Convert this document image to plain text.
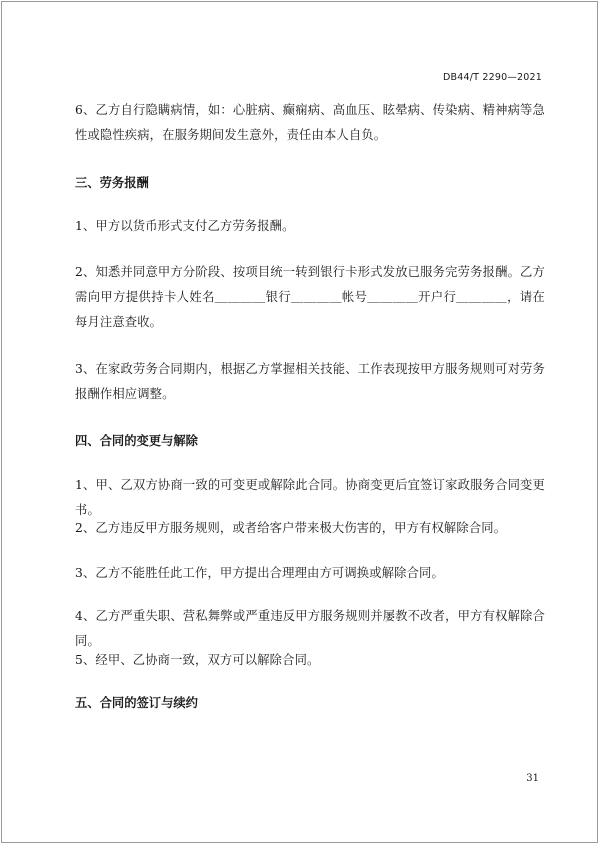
DB44/T 2290—2021
6、乙方自行隐瞒病情，如：心脏病、癫痫病、高血压、眩晕病、传染病、精神病等急性或隐性疾病，在服务期间发生意外，责任由本人自负。
三、劳务报酬
1、甲方以货币形式支付乙方劳务报酬。
2、知悉并同意甲方分阶段、按项目统一转到银行卡形式发放已服务完劳务报酬。乙方需向甲方提供持卡人姓名＿＿＿＿银行＿＿＿＿帐号＿＿＿＿开户行＿＿＿＿，请在每月注意查收。
3、在家政劳务合同期内，根据乙方掌握相关技能、工作表现按甲方服务规则可对劳务报酬作相应调整。
四、合同的变更与解除
1、甲、乙双方协商一致的可变更或解除此合同。协商变更后宜签订家政服务合同变更书。
2、乙方违反甲方服务规则，或者给客户带来极大伤害的，甲方有权解除合同。
3、乙方不能胜任此工作，甲方提出合理理由方可调换或解除合同。
4、乙方严重失职、营私舞弊或严重违反甲方服务规则并屡教不改者，甲方有权解除合同。
5、经甲、乙协商一致，双方可以解除合同。
五、合同的签订与续约
31
